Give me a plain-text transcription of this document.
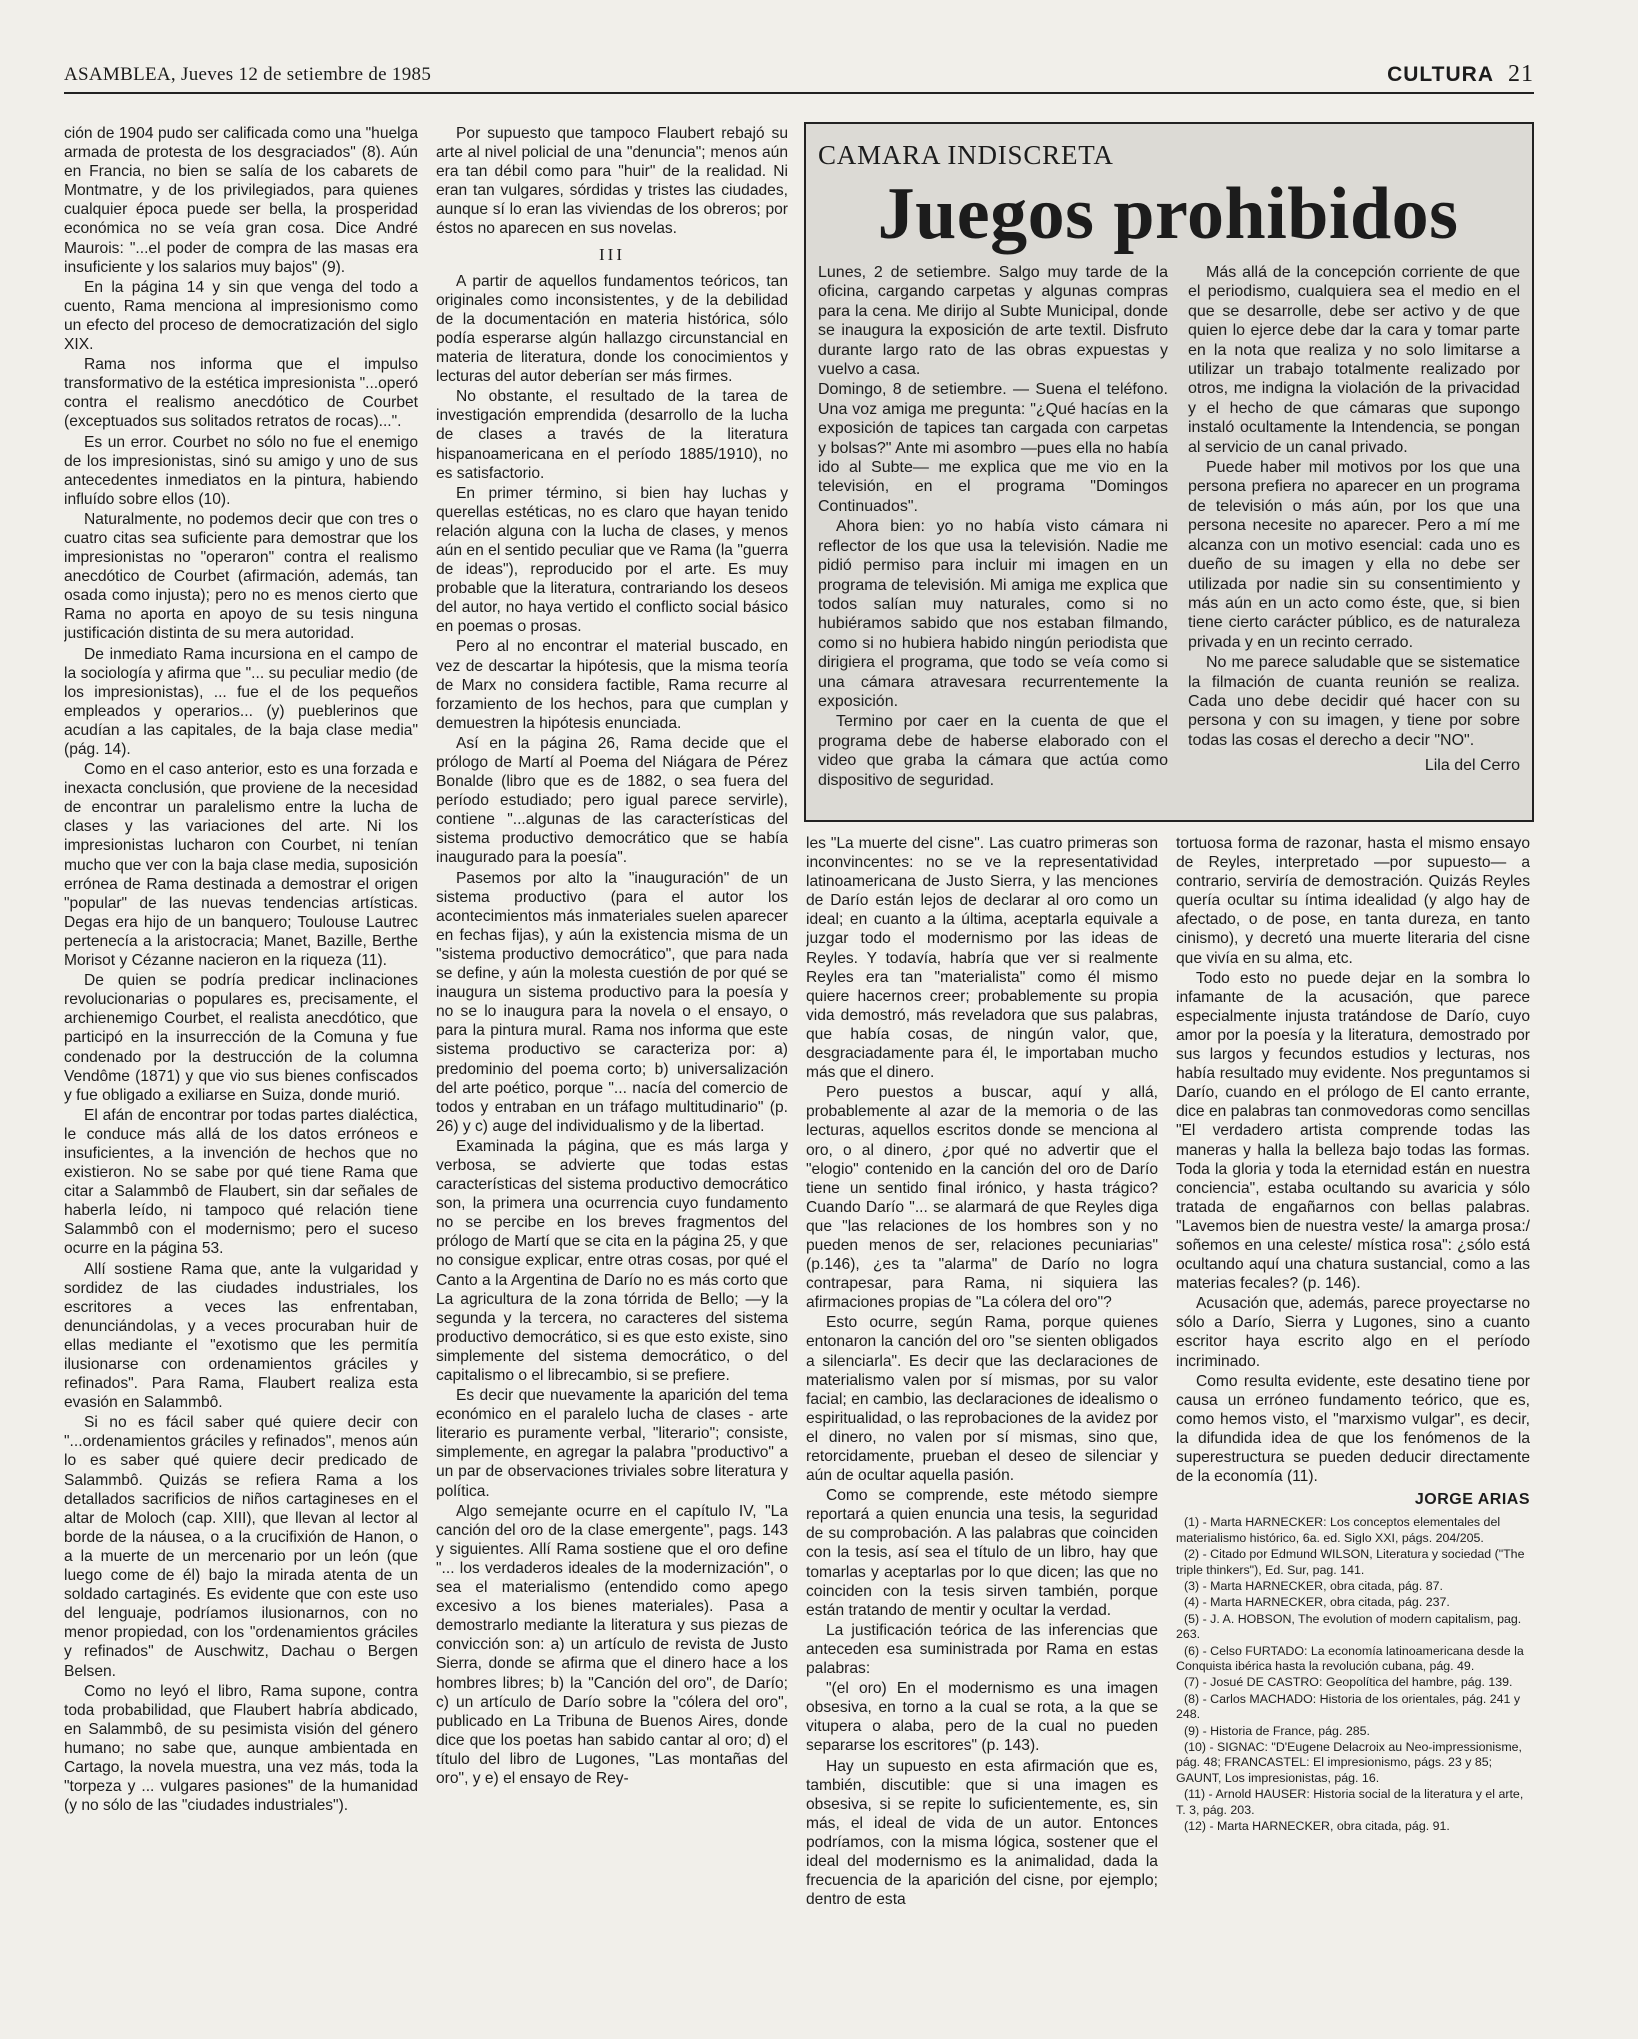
ASAMBLEA, Jueves 12 de setiembre de 1985	CULTURA 21

ción de 1904 pudo ser calificada como una "huelga armada de protesta de los desgraciados" (8). Aún en Francia, no bien se salía de los cabarets de Montmatre, y de los privilegiados, para quienes cualquier época puede ser bella, la prosperidad económica no se veía gran cosa. Dice André Maurois: "...el poder de compra de las masas era insuficiente y los salarios muy bajos" (9).

En la página 14 y sin que venga del todo a cuento, Rama menciona al impresionismo como un efecto del proceso de democratización del siglo XIX.

Rama nos informa que el impulso transformativo de la estética impresionista "...operó contra el realismo anecdótico de Courbet (exceptuados sus solitados retratos de rocas)...".

Es un error. Courbet no sólo no fue el enemigo de los impresionistas, sinó su amigo y uno de sus antecedentes inmediatos en la pintura, habiendo influído sobre ellos (10).

Naturalmente, no podemos decir que con tres o cuatro citas sea suficiente para demostrar que los impresionistas no "operaron" contra el realismo anecdótico de Courbet (afirmación, además, tan osada como injusta); pero no es menos cierto que Rama no aporta en apoyo de su tesis ninguna justificación distinta de su mera autoridad.

De inmediato Rama incursiona en el campo de la sociología y afirma que "... su peculiar medio (de los impresionistas), ... fue el de los pequeños empleados y operarios... (y) pueblerinos que acudían a las capitales, de la baja clase media" (pág. 14).

Como en el caso anterior, esto es una forzada e inexacta conclusión, que proviene de la necesidad de encontrar un paralelismo entre la lucha de clases y las variaciones del arte. Ni los impresionistas lucharon con Courbet, ni tenían mucho que ver con la baja clase media, suposición errónea de Rama destinada a demostrar el origen "popular" de las nuevas tendencias artísticas. Degas era hijo de un banquero; Toulouse Lautrec pertenecía a la aristocracia; Manet, Bazille, Berthe Morisot y Cézanne nacieron en la riqueza (11).

De quien se podría predicar inclinaciones revolucionarias o populares es, precisamente, el archienemigo Courbet, el realista anecdótico, que participó en la insurrección de la Comuna y fue condenado por la destrucción de la columna Vendôme (1871) y que vio sus bienes confiscados y fue obligado a exiliarse en Suiza, donde murió.

El afán de encontrar por todas partes dialéctica, le conduce más allá de los datos erróneos e insuficientes, a la invención de hechos que no existieron. No se sabe por qué tiene Rama que citar a Salammbô de Flaubert, sin dar señales de haberla leído, ni tampoco qué relación tiene Salammbô con el modernismo; pero el suceso ocurre en la página 53.

Allí sostiene Rama que, ante la vulgaridad y sordidez de las ciudades industriales, los escritores a veces las enfrentaban, denunciándolas, y a veces procuraban huir de ellas mediante el "exotismo que les permitía ilusionarse con ordenamientos gráciles y refinados". Para Rama, Flaubert realiza esta evasión en Salammbô.

Si no es fácil saber qué quiere decir con "...ordenamientos gráciles y refinados", menos aún lo es saber qué quiere decir predicado de Salammbô. Quizás se refiera Rama a los detallados sacrificios de niños cartagineses en el altar de Moloch (cap. XIII), que llevan al lector al borde de la náusea, o a la crucifixión de Hanon, o a la muerte de un mercenario por un león (que luego come de él) bajo la mirada atenta de un soldado cartaginés. Es evidente que con este uso del lenguaje, podríamos ilusionarnos, con no menor propiedad, con los "ordenamientos gráciles y refinados" de Auschwitz, Dachau o Bergen Belsen.

Como no leyó el libro, Rama supone, contra toda probabilidad, que Flaubert habría abdicado, en Salammbô, de su pesimista visión del género humano; no sabe que, aunque ambientada en Cartago, la novela muestra, una vez más, toda la "torpeza y ... vulgares pasiones" de la humanidad (y no sólo de las "ciudades industriales").

Por supuesto que tampoco Flaubert rebajó su arte al nivel policial de una "denuncia"; menos aún era tan débil como para "huir" de la realidad. Ni eran tan vulgares, sórdidas y tristes las ciudades, aunque sí lo eran las viviendas de los obreros; por éstos no aparecen en sus novelas.

III

A partir de aquellos fundamentos teóricos, tan originales como inconsistentes, y de la debilidad de la documentación en materia histórica, sólo podía esperarse algún hallazgo circunstancial en materia de literatura, donde los conocimientos y lecturas del autor deberían ser más firmes.

No obstante, el resultado de la tarea de investigación emprendida (desarrollo de la lucha de clases a través de la literatura hispanoamericana en el período 1885/1910), no es satisfactorio.

En primer término, si bien hay luchas y querellas estéticas, no es claro que hayan tenido relación alguna con la lucha de clases, y menos aún en el sentido peculiar que ve Rama (la "guerra de ideas"), reproducido por el arte. Es muy probable que la literatura, contrariando los deseos del autor, no haya vertido el conflicto social básico en poemas o prosas.

Pero al no encontrar el material buscado, en vez de descartar la hipótesis, que la misma teoría de Marx no considera factible, Rama recurre al forzamiento de los hechos, para que cumplan y demuestren la hipótesis enunciada.

Así en la página 26, Rama decide que el prólogo de Martí al Poema del Niágara de Pérez Bonalde (libro que es de 1882, o sea fuera del período estudiado; pero igual parece servirle), contiene "...algunas de las características del sistema productivo democrático que se había inaugurado para la poesía".

Pasemos por alto la "inauguración" de un sistema productivo (para el autor los acontecimientos más inmateriales suelen aparecer en fechas fijas), y aún la existencia misma de un "sistema productivo democrático", que para nada se define, y aún la molesta cuestión de por qué se inaugura un sistema productivo para la poesía y no se lo inaugura para la novela o el ensayo, o para la pintura mural. Rama nos informa que este sistema productivo se caracteriza por: a) predominio del poema corto; b) universalización del arte poético, porque "... nacía del comercio de todos y entraban en un tráfago multitudinario" (p. 26) y c) auge del individualismo y de la libertad.

Examinada la página, que es más larga y verbosa, se advierte que todas estas características del sistema productivo democrático son, la primera una ocurrencia cuyo fundamento no se percibe en los breves fragmentos del prólogo de Martí que se cita en la página 25, y que no consigue explicar, entre otras cosas, por qué el Canto a la Argentina de Darío no es más corto que La agricultura de la zona tórrida de Bello; —y la segunda y la tercera, no caracteres del sistema productivo democrático, si es que esto existe, sino simplemente del sistema democrático, o del capitalismo o el librecambio, si se prefiere.

Es decir que nuevamente la aparición del tema económico en el paralelo lucha de clases - arte literario es puramente verbal, "literario"; consiste, simplemente, en agregar la palabra "productivo" a un par de observaciones triviales sobre literatura y política.

Algo semejante ocurre en el capítulo IV, "La canción del oro de la clase emergente", pags. 143 y siguientes. Allí Rama sostiene que el oro define "... los verdaderos ideales de la modernización", o sea el materialismo (entendido como apego excesivo a los bienes materiales). Pasa a demostrarlo mediante la literatura y sus piezas de convicción son: a) un artículo de revista de Justo Sierra, donde se afirma que el dinero hace a los hombres libres; b) la "Canción del oro", de Darío; c) un artículo de Darío sobre la "cólera del oro", publicado en La Tribuna de Buenos Aires, donde dice que los poetas han sabido cantar al oro; d) el título del libro de Lugones, "Las montañas del oro", y e) el ensayo de Rey-

CAMARA INDISCRETA
Juegos prohibidos

Lunes, 2 de setiembre. Salgo muy tarde de la oficina, cargando carpetas y algunas compras para la cena. Me dirijo al Subte Municipal, donde se inaugura la exposición de arte textil. Disfruto durante largo rato de las obras expuestas y vuelvo a casa.

Domingo, 8 de setiembre. — Suena el teléfono. Una voz amiga me pregunta: "¿Qué hacías en la exposición de tapices tan cargada con carpetas y bolsas?" Ante mi asombro —pues ella no había ido al Subte— me explica que me vio en la televisión, en el programa "Domingos Continuados".

Ahora bien: yo no había visto cámara ni reflector de los que usa la televisión. Nadie me pidió permiso para incluir mi imagen en un programa de televisión. Mi amiga me explica que todos salían muy naturales, como si no hubiéramos sabido que nos estaban filmando, como si no hubiera habido ningún periodista que dirigiera el programa, que todo se veía como si una cámara atravesara recurrentemente la exposición.

Termino por caer en la cuenta de que el programa debe de haberse elaborado con el video que graba la cámara que actúa como dispositivo de seguridad.

Más allá de la concepción corriente de que el periodismo, cualquiera sea el medio en el que se desarrolle, debe ser activo y de que quien lo ejerce debe dar la cara y tomar parte en la nota que realiza y no solo limitarse a utilizar un trabajo totalmente realizado por otros, me indigna la violación de la privacidad y el hecho de que cámaras que supongo instaló ocultamente la Intendencia, se pongan al servicio de un canal privado.

Puede haber mil motivos por los que una persona prefiera no aparecer en un programa de televisión o más aún, por los que una persona necesite no aparecer. Pero a mí me alcanza con un motivo esencial: cada uno es dueño de su imagen y ella no debe ser utilizada por nadie sin su consentimiento y más aún en un acto como éste, que, si bien tiene cierto carácter público, es de naturaleza privada y en un recinto cerrado.

No me parece saludable que se sistematice la filmación de cuanta reunión se realiza. Cada uno debe decidir qué hacer con su persona y con su imagen, y tiene por sobre todas las cosas el derecho a decir "NO".

Lila del Cerro

les "La muerte del cisne". Las cuatro primeras son inconvincentes: no se ve la representatividad latinoamericana de Justo Sierra, y las menciones de Darío están lejos de declarar al oro como un ideal; en cuanto a la última, aceptarla equivale a juzgar todo el modernismo por las ideas de Reyles. Y todavía, habría que ver si realmente Reyles era tan "materialista" como él mismo quiere hacernos creer; probablemente su propia vida demostró, más reveladora que sus palabras, que había cosas, de ningún valor, que, desgraciadamente para él, le importaban mucho más que el dinero.

Pero puestos a buscar, aquí y allá, probablemente al azar de la memoria o de las lecturas, aquellos escritos donde se menciona al oro, o al dinero, ¿por qué no advertir que el "elogio" contenido en la canción del oro de Darío tiene un sentido final irónico, y hasta trágico? Cuando Darío "... se alarmará de que Reyles diga que "las relaciones de los hombres son y no pueden menos de ser, relaciones pecuniarias" (p.146), ¿es ta "alarma" de Darío no logra contrapesar, para Rama, ni siquiera las afirmaciones propias de "La cólera del oro"?

Esto ocurre, según Rama, porque quienes entonaron la canción del oro "se sienten obligados a silenciarla". Es decir que las declaraciones de materialismo valen por sí mismas, por su valor facial; en cambio, las declaraciones de idealismo o espiritualidad, o las reprobaciones de la avidez por el dinero, no valen por sí mismas, sino que, retorcidamente, prueban el deseo de silenciar y aún de ocultar aquella pasión.

Como se comprende, este método siempre reportará a quien enuncia una tesis, la seguridad de su comprobación. A las palabras que coinciden con la tesis, así sea el título de un libro, hay que tomarlas y aceptarlas por lo que dicen; las que no coinciden con la tesis sirven también, porque están tratando de mentir y ocultar la verdad.

La justificación teórica de las inferencias que anteceden esa suministrada por Rama en estas palabras:

"(el oro) En el modernismo es una imagen obsesiva, en torno a la cual se rota, a la que se vitupera o alaba, pero de la cual no pueden separarse los escritores" (p. 143).

Hay un supuesto en esta afirmación que es, también, discutible: que si una imagen es obsesiva, si se repite lo suficientemente, es, sin más, el ideal de vida de un autor. Entonces podríamos, con la misma lógica, sostener que el ideal del modernismo es la animalidad, dada la frecuencia de la aparición del cisne, por ejemplo; dentro de esta

tortuosa forma de razonar, hasta el mismo ensayo de Reyles, interpretado —por supuesto— a contrario, serviría de demostración. Quizás Reyles quería ocultar su íntima idealidad (y algo hay de afectado, o de pose, en tanta dureza, en tanto cinismo), y decretó una muerte literaria del cisne que vivía en su alma, etc.

Todo esto no puede dejar en la sombra lo infamante de la acusación, que parece especialmente injusta tratándose de Darío, cuyo amor por la poesía y la literatura, demostrado por sus largos y fecundos estudios y lecturas, nos había resultado muy evidente. Nos preguntamos si Darío, cuando en el prólogo de El canto errante, dice en palabras tan conmovedoras como sencillas "El verdadero artista comprende todas las maneras y halla la belleza bajo todas las formas. Toda la gloria y toda la eternidad están en nuestra conciencia", estaba ocultando su avaricia y sólo tratada de engañarnos con bellas palabras. "Lavemos bien de nuestra veste/ la amarga prosa:/ soñemos en una celeste/ mística rosa": ¿sólo está ocultando aquí una chatura sustancial, como a las materias fecales? (p. 146).

Acusación que, además, parece proyectarse no sólo a Darío, Sierra y Lugones, sino a cuanto escritor haya escrito algo en el período incriminado.

Como resulta evidente, este desatino tiene por causa un erróneo fundamento teórico, que es, como hemos visto, el "marxismo vulgar", es decir, la difundida idea de que los fenómenos de la superestructura se pueden deducir directamente de la economía (11).

JORGE ARIAS

(1) - Marta HARNECKER: Los conceptos elementales del materialismo histórico, 6a. ed. Siglo XXI, págs. 204/205.

(2) - Citado por Edmund WILSON, Literatura y sociedad ("The triple thinkers"), Ed. Sur, pag. 141.

(3) - Marta HARNECKER, obra citada, pág. 87.

(4) - Marta HARNECKER, obra citada, pág. 237.

(5) - J. A. HOBSON, The evolution of modern capitalism, pag. 263.

(6) - Celso FURTADO: La economía latinoamericana desde la Conquista ibérica hasta la revolución cubana, pág. 49.

(7) - Josué DE CASTRO: Geopolítica del hambre, pág. 139.

(8) - Carlos MACHADO: Historia de los orientales, pág. 241 y 248.

(9) - Historia de France, pág. 285.

(10) - SIGNAC: "D'Eugene Delacroix au Neo-impressionisme, pág. 48; FRANCASTEL: El impresionismo, págs. 23 y 85; GAUNT, Los impresionistas, pág. 16.

(11) - Arnold HAUSER: Historia social de la literatura y el arte, T. 3, pág. 203.

(12) - Marta HARNECKER, obra citada, pág. 91.
